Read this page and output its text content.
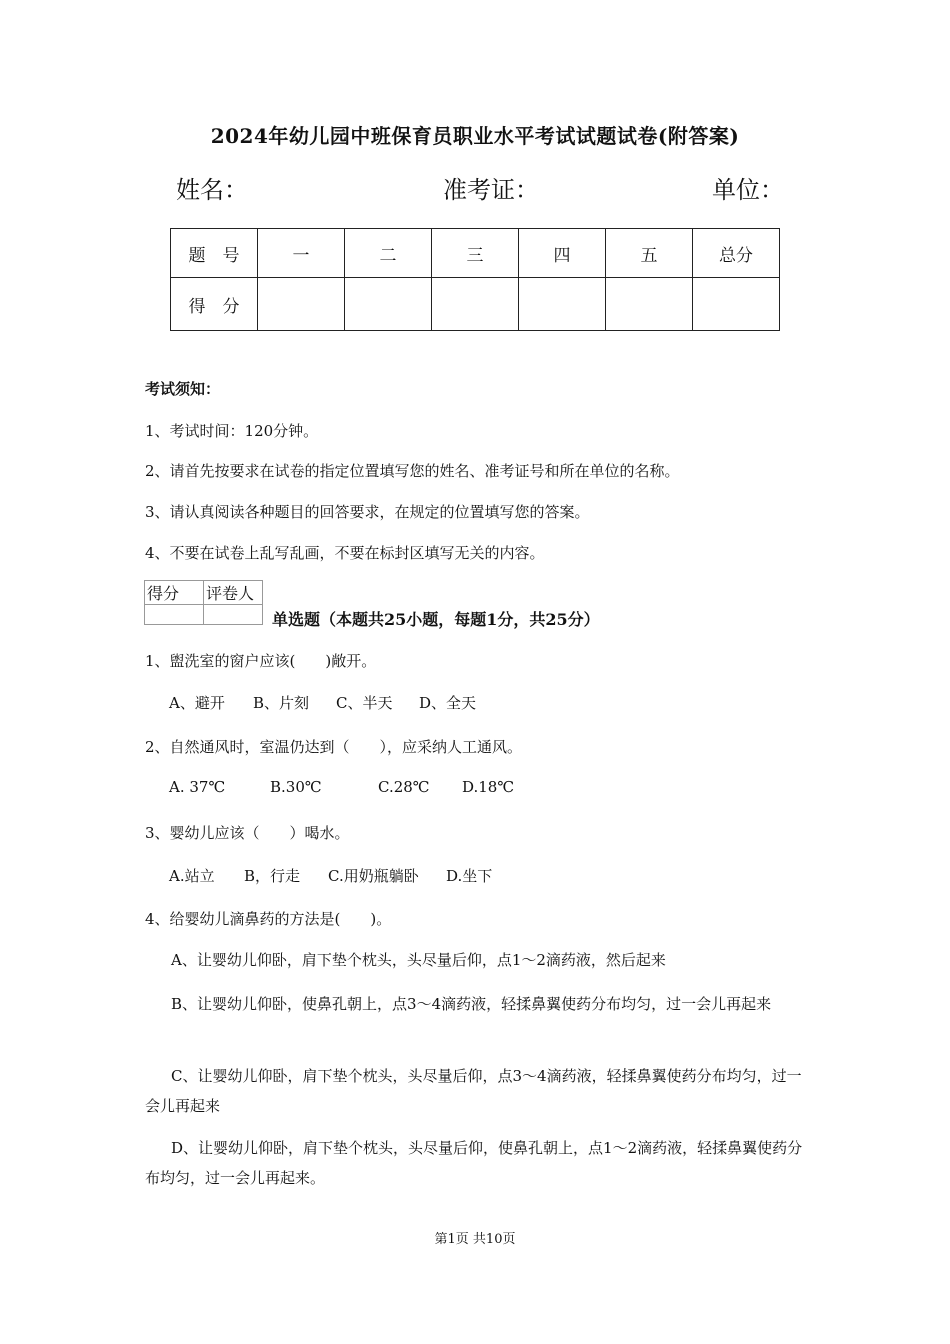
2024年幼儿园中班保育员职业水平考试试题试卷(附答案)
姓名：	准考证：	单位：
题　号	一	二	三	四	五	总分
得　分						
考试须知：
1、考试时间：120分钟。
2、请首先按要求在试卷的指定位置填写您的姓名、准考证号和所在单位的名称。
3、请认真阅读各种题目的回答要求，在规定的位置填写您的答案。
4、不要在试卷上乱写乱画，不要在标封区填写无关的内容。
得分	评卷人

单选题（本题共25小题，每题1分，共25分）
1、盥洗室的窗户应该(　　)敞开。
A、避开 B、片刻 C、半天 D、全天
2、自然通风时，室温仍达到（　　），应采纳人工通风。
A. 37℃	B.30℃	C.28℃ D.18℃
3、婴幼儿应该（　　）喝水。
A.站立 B，行走 C.用奶瓶躺卧 D.坐下
4、给婴幼儿滴鼻药的方法是(　　)。
A、让婴幼儿仰卧，肩下垫个枕头，头尽量后仰，点1～2滴药液，然后起来
B、让婴幼儿仰卧，使鼻孔朝上，点3～4滴药液，轻揉鼻翼使药分布均匀，过一会儿再起来
C、让婴幼儿仰卧，肩下垫个枕头，头尽量后仰，点3～4滴药液，轻揉鼻翼使药分布均匀，过一会儿再起来
D、让婴幼儿仰卧，肩下垫个枕头，头尽量后仰，使鼻孔朝上，点1～2滴药液，轻揉鼻翼使药分布均匀，过一会儿再起来。
第1页 共10页
